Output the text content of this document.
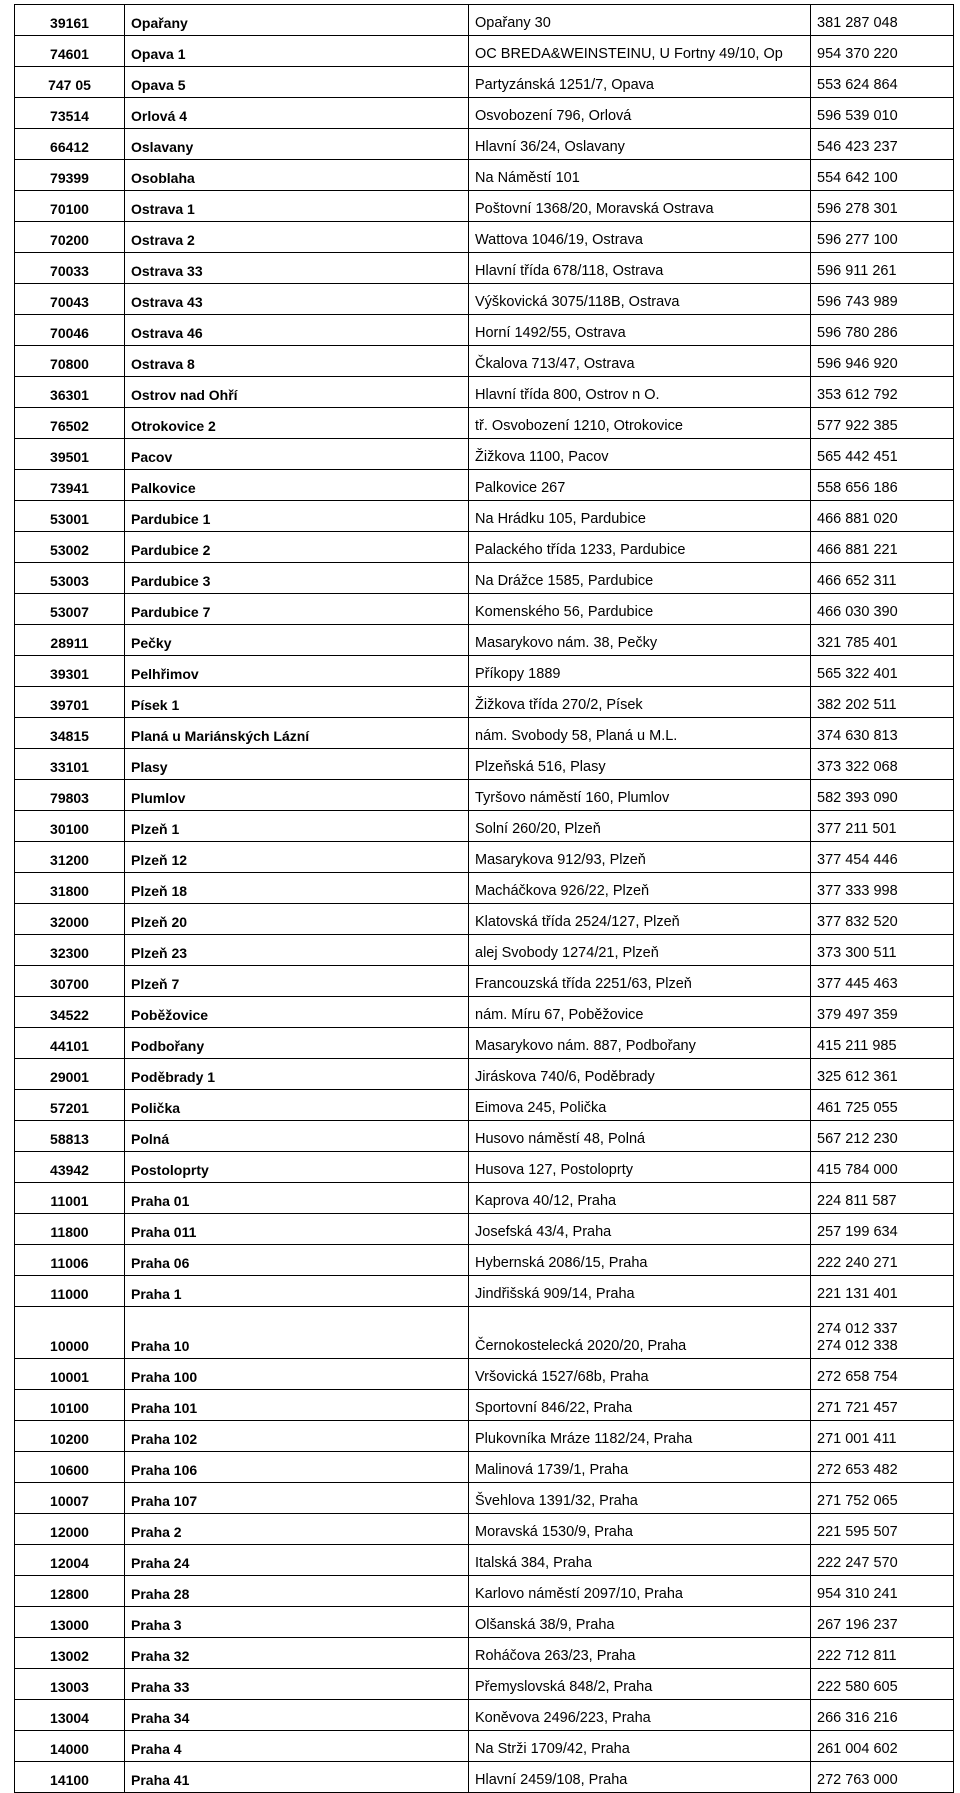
39161	Opařany	Opařany 30	381 287 048

74601	Opava 1	OC BREDA&WEINSTEINU, U Fortny 49/10, Op	954 370 220

747 05	Opava 5	Partyzánská 1251/7, Opava	553 624 864

73514	Orlová 4	Osvobození 796, Orlová	596 539 010

66412	Oslavany	Hlavní 36/24, Oslavany	546 423 237

79399	Osoblaha	Na Náměstí 101	554 642 100

70100	Ostrava 1	Poštovní 1368/20, Moravská Ostrava	596 278 301

70200	Ostrava 2	Wattova 1046/19, Ostrava	596 277 100

70033	Ostrava 33	Hlavní třída 678/118, Ostrava	596 911 261

70043	Ostrava 43	Výškovická 3075/118B, Ostrava	596 743 989

70046	Ostrava 46	Horní 1492/55, Ostrava	596 780 286

70800	Ostrava 8	Čkalova 713/47, Ostrava	596 946 920

36301	Ostrov nad Ohří	Hlavní třída 800, Ostrov n O.	353 612 792

76502	Otrokovice 2	tř. Osvobození 1210, Otrokovice	577 922 385

39501	Pacov	Žižkova 1100, Pacov	565 442 451

73941	Palkovice	Palkovice 267	558 656 186

53001	Pardubice 1	Na Hrádku 105, Pardubice	466 881 020

53002	Pardubice 2	Palackého třída 1233, Pardubice	466 881 221

53003	Pardubice 3	Na Drážce 1585, Pardubice	466 652 311

53007	Pardubice 7	Komenského 56, Pardubice	466 030 390

28911	Pečky	Masarykovo nám. 38, Pečky	321 785 401

39301	Pelhřimov	Příkopy 1889	565 322 401

39701	Písek 1	Žižkova třída 270/2, Písek	382 202 511

34815	Planá u Mariánských Lázní	nám. Svobody 58, Planá u M.L.	374 630 813

33101	Plasy	Plzeňská 516, Plasy	373 322 068

79803	Plumlov	Tyršovo náměstí 160, Plumlov	582 393 090

30100	Plzeň 1	Solní 260/20, Plzeň	377 211 501

31200	Plzeň 12	Masarykova 912/93, Plzeň	377 454 446

31800	Plzeň 18	Macháčkova 926/22, Plzeň	377 333 998

32000	Plzeň 20	Klatovská třída 2524/127, Plzeň	377 832 520

32300	Plzeň 23	alej Svobody 1274/21, Plzeň	373 300 511

30700	Plzeň 7	Francouzská třída 2251/63, Plzeň	377 445 463

34522	Poběžovice	nám. Míru 67, Poběžovice	379 497 359

44101	Podbořany	Masarykovo nám. 887, Podbořany	415 211 985

29001	Poděbrady 1	Jiráskova 740/6, Poděbrady	325 612 361

57201	Polička	Eimova 245, Polička	461 725 055

58813	Polná	Husovo náměstí 48, Polná	567 212 230

43942	Postoloprty	Husova 127, Postoloprty	415 784 000

11001	Praha 01	Kaprova 40/12, Praha	224 811 587

11800	Praha 011	Josefská 43/4, Praha	257 199 634

11006	Praha 06	Hybernská 2086/15, Praha	222 240 271

11000	Praha 1	Jindřišská 909/14, Praha	221 131 401

10000	Praha 10	Černokostelecká 2020/20, Praha	274 012 337
274 012 338

10001	Praha 100	Vršovická 1527/68b, Praha	272 658 754

10100	Praha 101	Sportovní 846/22, Praha	271 721 457

10200	Praha 102	Plukovníka Mráze 1182/24, Praha	271 001 411

10600	Praha 106	Malinová 1739/1, Praha	272 653 482

10007	Praha 107	Švehlova 1391/32, Praha	271 752 065

12000	Praha 2	Moravská 1530/9, Praha	221 595 507

12004	Praha 24	Italská 384, Praha	222 247 570

12800	Praha 28	Karlovo náměstí 2097/10, Praha	954 310 241

13000	Praha 3	Olšanská 38/9, Praha	267 196 237

13002	Praha 32	Roháčova 263/23, Praha	222 712 811

13003	Praha 33	Přemyslovská 848/2, Praha	222 580 605

13004	Praha 34	Koněvova 2496/223, Praha	266 316 216

14000	Praha 4	Na Strži 1709/42, Praha	261 004 602

14100	Praha 41	Hlavní 2459/108, Praha	272 763 000
